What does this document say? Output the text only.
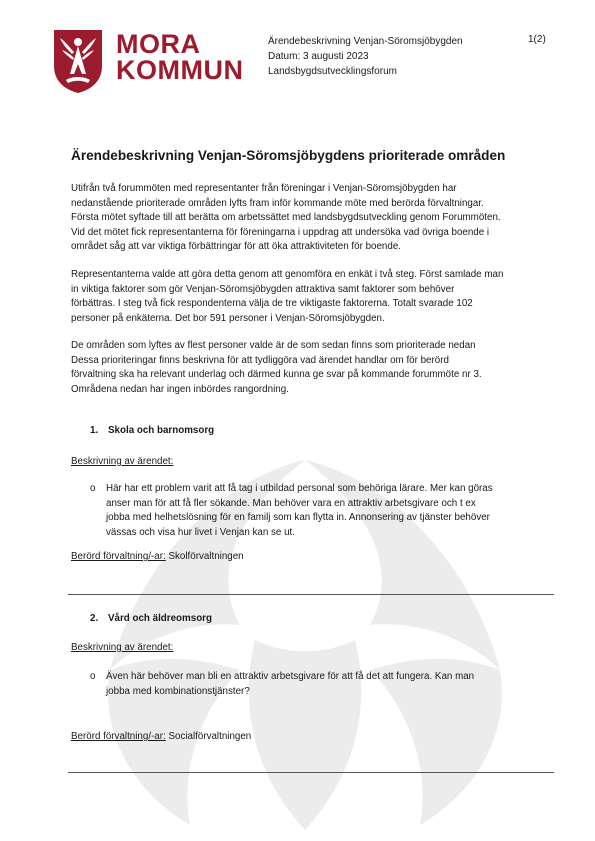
MORA
KOMMUN
Ärendebeskrivning Venjan-Söromsjöbygden
Datum: 3 augusti 2023
Landsbygdsutvecklingsforum
1(2)
Ärendebeskrivning Venjan-Söromsjöbygdens prioriterade områden
Utifrån två forummöten med representanter från föreningar i Venjan-Söromsjöbygden har
nedanstående prioriterade områden lyfts fram inför kommande möte med berörda förvaltningar.
Första mötet syftade till att berätta om arbetssättet med landsbygdsutveckling genom Forummöten.
Vid det mötet fick representanterna för föreningarna i uppdrag att undersöka vad övriga boende i
området såg att var viktiga förbättringar för att öka attraktiviteten för boende.
Representanterna valde att göra detta genom att genomföra en enkät i två steg. Först samlade man
in viktiga faktorer som gör Venjan-Söromsjöbygden attraktiva samt faktorer som behöver
förbättras. I steg två fick respondenterna välja de tre viktigaste faktorerna. Totalt svarade 102
personer på enkäterna. Det bor 591 personer i Venjan-Söromsjöbygden.
De områden som lyftes av flest personer valde är de som sedan finns som prioriterade nedan
Dessa prioriteringar finns beskrivna för att tydliggöra vad ärendet handlar om för berörd
förvaltning ska ha relevant underlag och därmed kunna ge svar på kommande forummöte nr 3.
Områdena nedan har ingen inbördes rangordning.
1. Skola och barnomsorg
Beskrivning av ärendet:
o Här har ett problem varit att få tag i utbildad personal som behöriga lärare. Mer kan göras
anser man för att få fler sökande. Man behöver vara en attraktiv arbetsgivare och t ex
jobba med helhetslösning för en familj som kan flytta in. Annonsering av tjänster behöver
vässas och visa hur livet i Venjan kan se ut.
Berörd förvaltning/-ar: Skolförvaltningen
2. Vård och äldreomsorg
Beskrivning av ärendet:
o Även här behöver man bli en attraktiv arbetsgivare för att få det att fungera. Kan man
jobba med kombinationstjänster?
Berörd förvaltning/-ar: Socialförvaltningen
